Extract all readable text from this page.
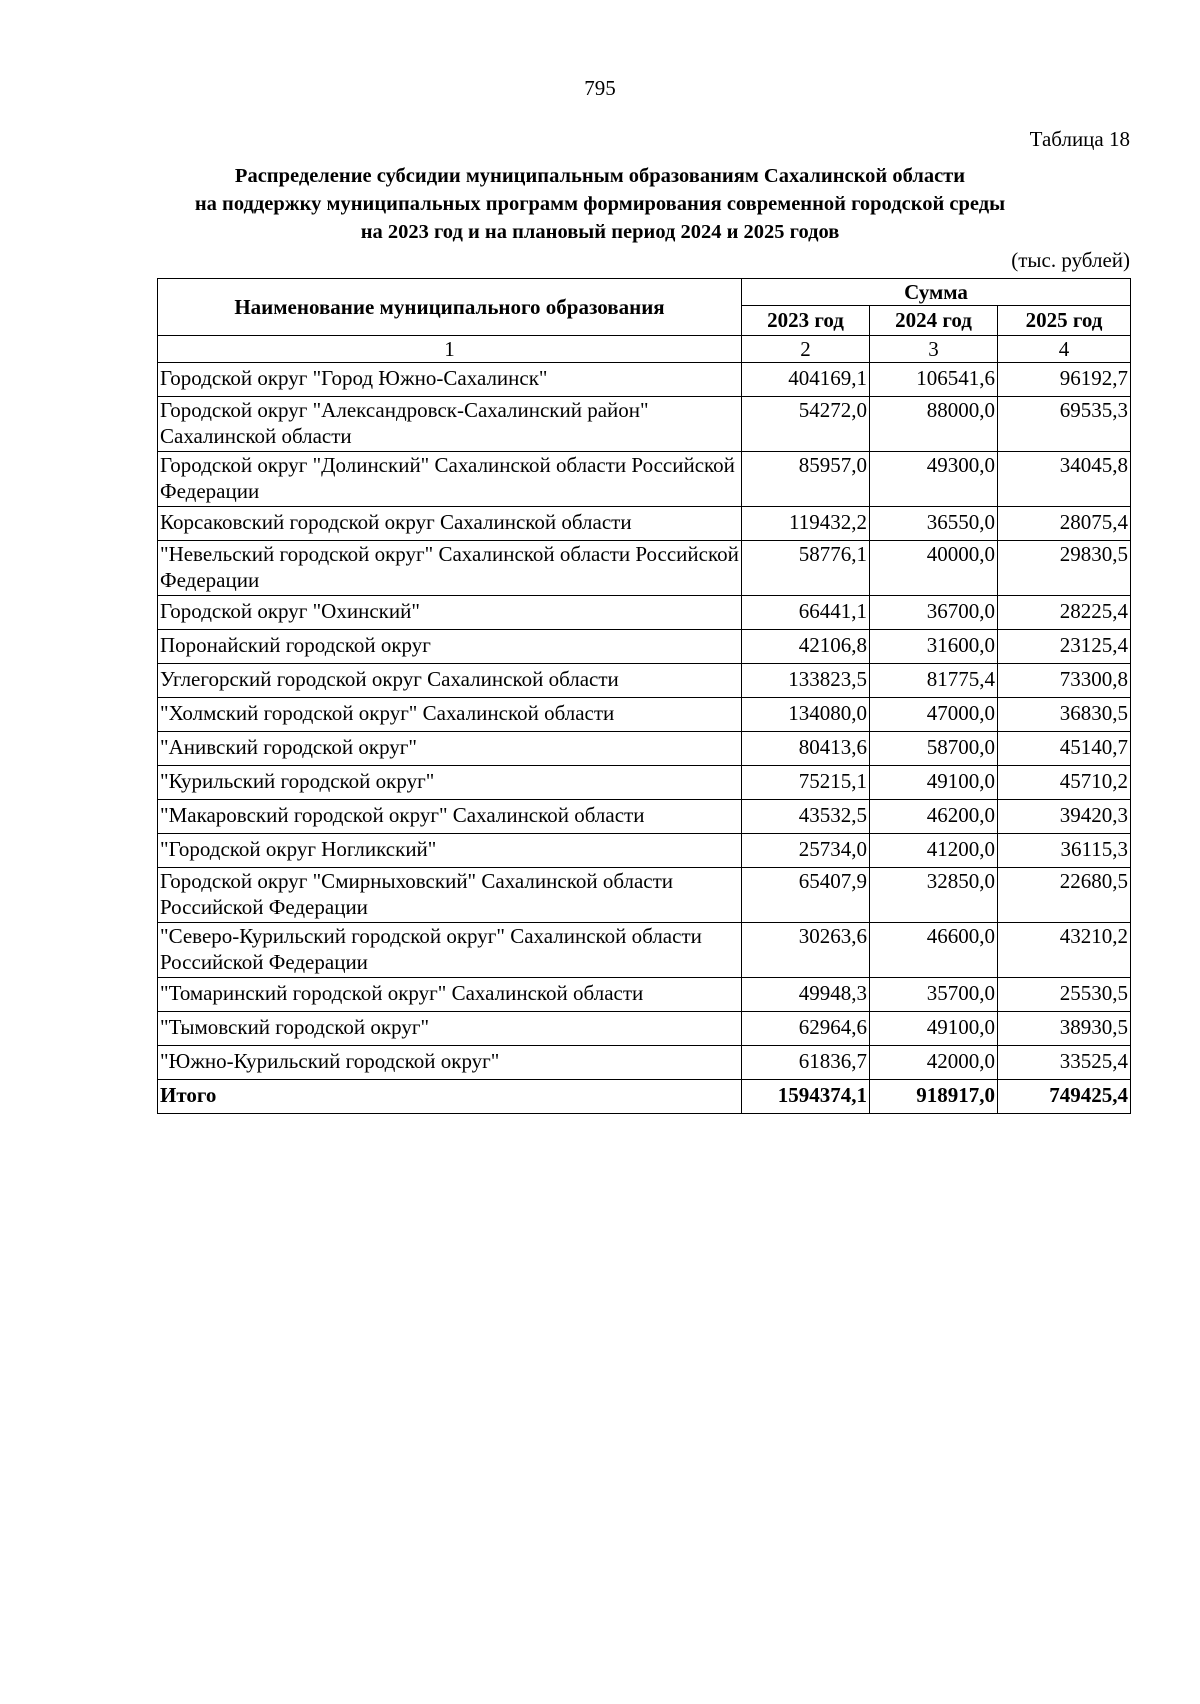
795
Таблица 18
Распределение субсидии муниципальным образованиям Сахалинской области
на поддержку муниципальных программ формирования современной городской среды
на 2023 год и на плановый период 2024 и 2025 годов
(тыс. рублей)
Наименование муниципального образования	Сумма		
	2023 год	2024 год	2025 год
1	2	3	4
Городской округ "Город Южно-Сахалинск"	404169,1	106541,6	96192,7
Городской округ "Александровск-Сахалинский район" Сахалинской области	54272,0	88000,0	69535,3
Городской округ "Долинский" Сахалинской области Российской Федерации	85957,0	49300,0	34045,8
Корсаковский городской округ Сахалинской области	119432,2	36550,0	28075,4
"Невельский городской округ" Сахалинской области Российской Федерации	58776,1	40000,0	29830,5
Городской округ "Охинский"	66441,1	36700,0	28225,4
Поронайский городской округ	42106,8	31600,0	23125,4
Углегорский городской округ Сахалинской области	133823,5	81775,4	73300,8
"Холмский городской округ" Сахалинской области	134080,0	47000,0	36830,5
"Анивский городской округ"	80413,6	58700,0	45140,7
"Курильский городской округ"	75215,1	49100,0	45710,2
"Макаровский городской округ" Сахалинской области	43532,5	46200,0	39420,3
"Городской округ Ногликский"	25734,0	41200,0	36115,3
Городской округ "Смирныховский" Сахалинской области Российской Федерации	65407,9	32850,0	22680,5
"Северо-Курильский городской округ" Сахалинской области Российской Федерации	30263,6	46600,0	43210,2
"Томаринский городской округ" Сахалинской области	49948,3	35700,0	25530,5
"Тымовский городской округ"	62964,6	49100,0	38930,5
"Южно-Курильский городской округ"	61836,7	42000,0	33525,4
Итого	1594374,1	918917,0	749425,4
